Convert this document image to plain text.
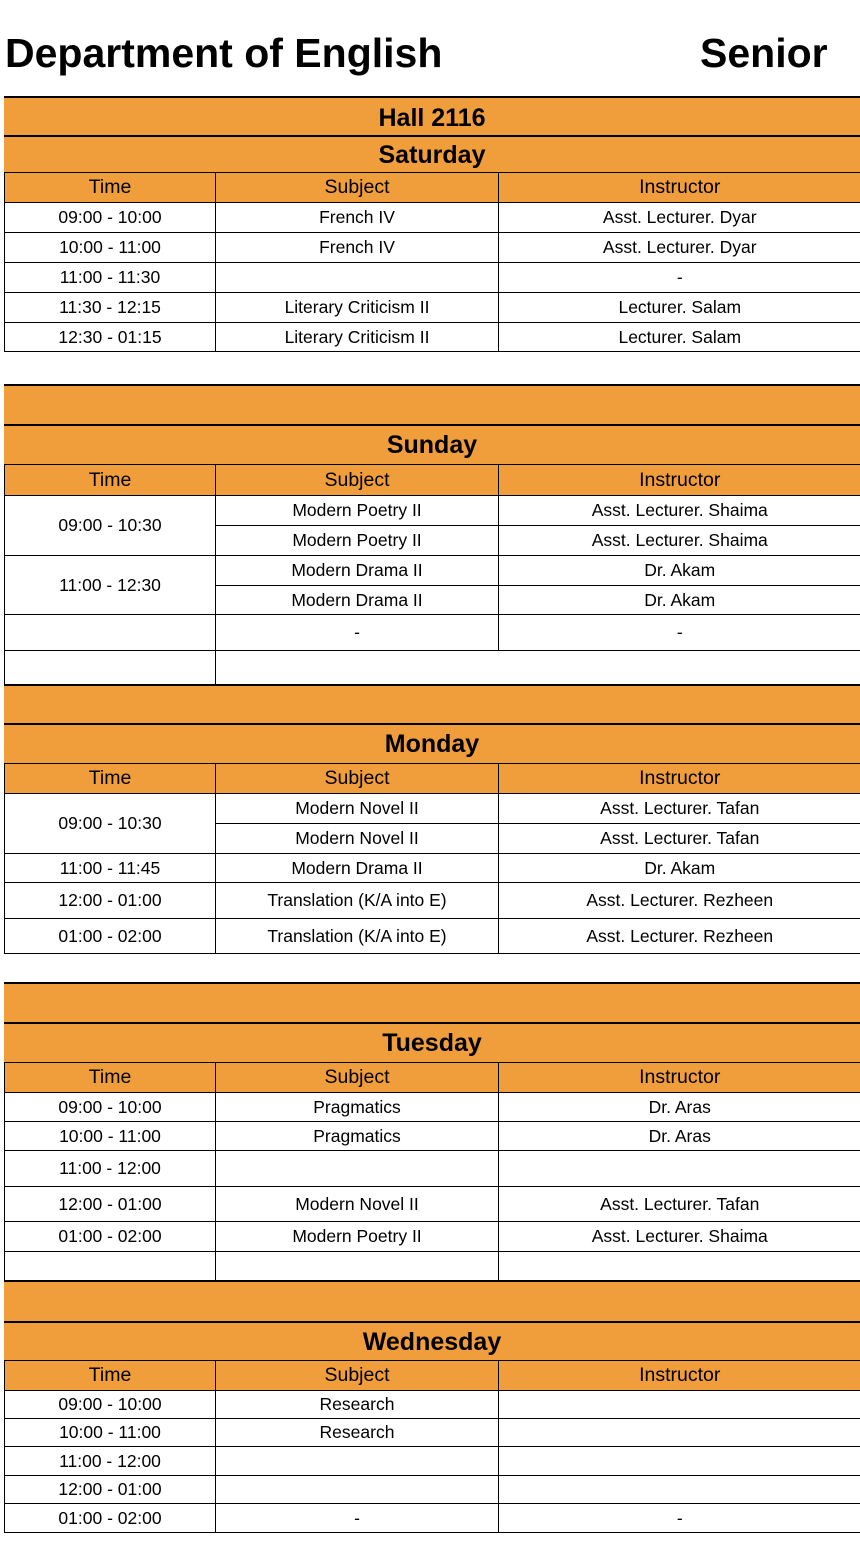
Department of English	Senior
Hall 2116
Saturday
Time	Subject	Instructor
09:00 - 10:00	French IV	Asst. Lecturer. Dyar
10:00 - 11:00	French IV	Asst. Lecturer. Dyar
11:00 - 11:30		-
11:30 - 12:15	Literary Criticism II	Lecturer. Salam
12:30 - 01:15	Literary Criticism II	Lecturer. Salam
Sunday
Time	Subject	Instructor
09:00 - 10:30	Modern Poetry II	Asst. Lecturer. Shaima
	Modern Poetry II	Asst. Lecturer. Shaima
11:00 - 12:30	Modern Drama II	Dr. Akam
	Modern Drama II	Dr. Akam
	-	-

Monday
Time	Subject	Instructor
09:00 - 10:30	Modern Novel II	Asst. Lecturer. Tafan
	Modern Novel II	Asst. Lecturer. Tafan
11:00 - 11:45	Modern Drama II	Dr. Akam
12:00 - 01:00	Translation (K/A into E)	Asst. Lecturer. Rezheen
01:00 - 02:00	Translation (K/A into E)	Asst. Lecturer. Rezheen
Tuesday
Time	Subject	Instructor
09:00 - 10:00	Pragmatics	Dr. Aras
10:00 - 11:00	Pragmatics	Dr. Aras
11:00 - 12:00		
12:00 - 01:00	Modern Novel II	Asst. Lecturer. Tafan
01:00 - 02:00	Modern Poetry II	Asst. Lecturer. Shaima

Wednesday
Time	Subject	Instructor
09:00 - 10:00	Research	
10:00 - 11:00	Research	
11:00 - 12:00		
12:00 - 01:00		
01:00 - 02:00	-	-
